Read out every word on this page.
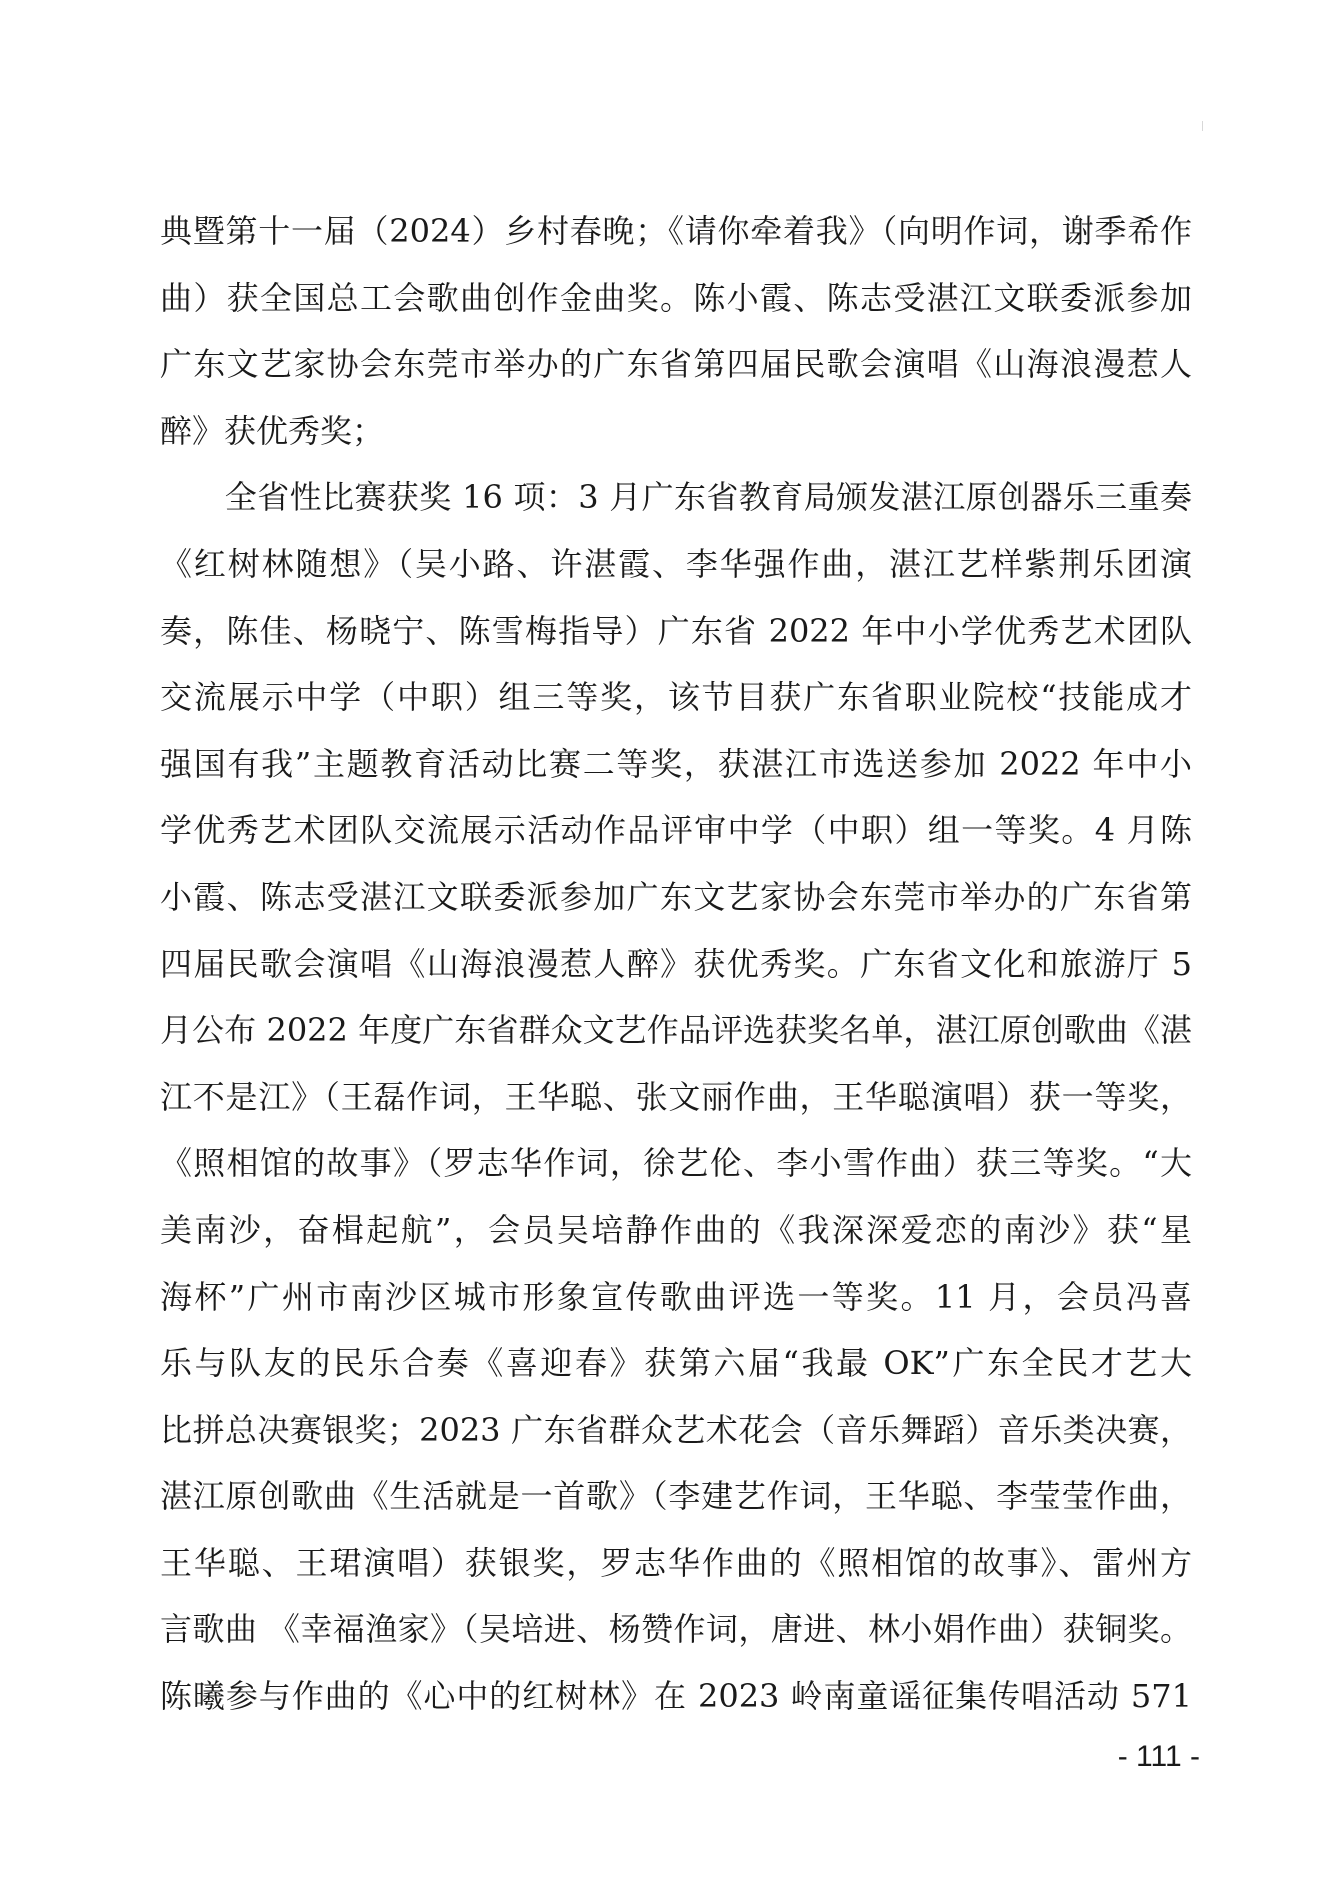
典暨第十一届（2024）乡村春晚；《请你牵着我》（向明作词，谢季希作
曲）获全国总工会歌曲创作金曲奖。陈小霞、陈志受湛江文联委派参加
广东文艺家协会东莞市举办的广东省第四届民歌会演唱《山海浪漫惹人
醉》获优秀奖；
　　全省性比赛获奖 16 项：3 月广东省教育局颁发湛江原创器乐三重奏
《红树林随想》（吴小路、许湛霞、李华强作曲，湛江艺样紫荆乐团演
奏，陈佳、杨晓宁、陈雪梅指导）广东省 2022 年中小学优秀艺术团队
交流展示中学（中职）组三等奖，该节目获广东省职业院校“技能成才
强国有我”主题教育活动比赛二等奖，获湛江市选送参加 2022 年中小
学优秀艺术团队交流展示活动作品评审中学（中职）组一等奖。4 月陈
小霞、陈志受湛江文联委派参加广东文艺家协会东莞市举办的广东省第
四届民歌会演唱《山海浪漫惹人醉》获优秀奖。广东省文化和旅游厅 5
月公布 2022 年度广东省群众文艺作品评选获奖名单，湛江原创歌曲《湛
江不是江》（王磊作词，王华聪、张文丽作曲，王华聪演唱）获一等奖，
《照相馆的故事》（罗志华作词，徐艺伦、李小雪作曲）获三等奖。“大
美南沙，奋楫起航”，会员吴培静作曲的《我深深爱恋的南沙》获“星
海杯”广州市南沙区城市形象宣传歌曲评选一等奖。11 月，会员冯喜
乐与队友的民乐合奏《喜迎春》获第六届“我最 OK”广东全民才艺大
比拼总决赛银奖；2023 广东省群众艺术花会（音乐舞蹈）音乐类决赛，
湛江原创歌曲《生活就是一首歌》（李建艺作词，王华聪、李莹莹作曲，
王华聪、王珺演唱）获银奖，罗志华作曲的《照相馆的故事》、雷州方
言歌曲 《幸福渔家》（吴培进、杨赞作词，唐进、林小娟作曲）获铜奖。
陈曦参与作曲的《心中的红树林》在 2023 岭南童谣征集传唱活动 571
- 111 -
